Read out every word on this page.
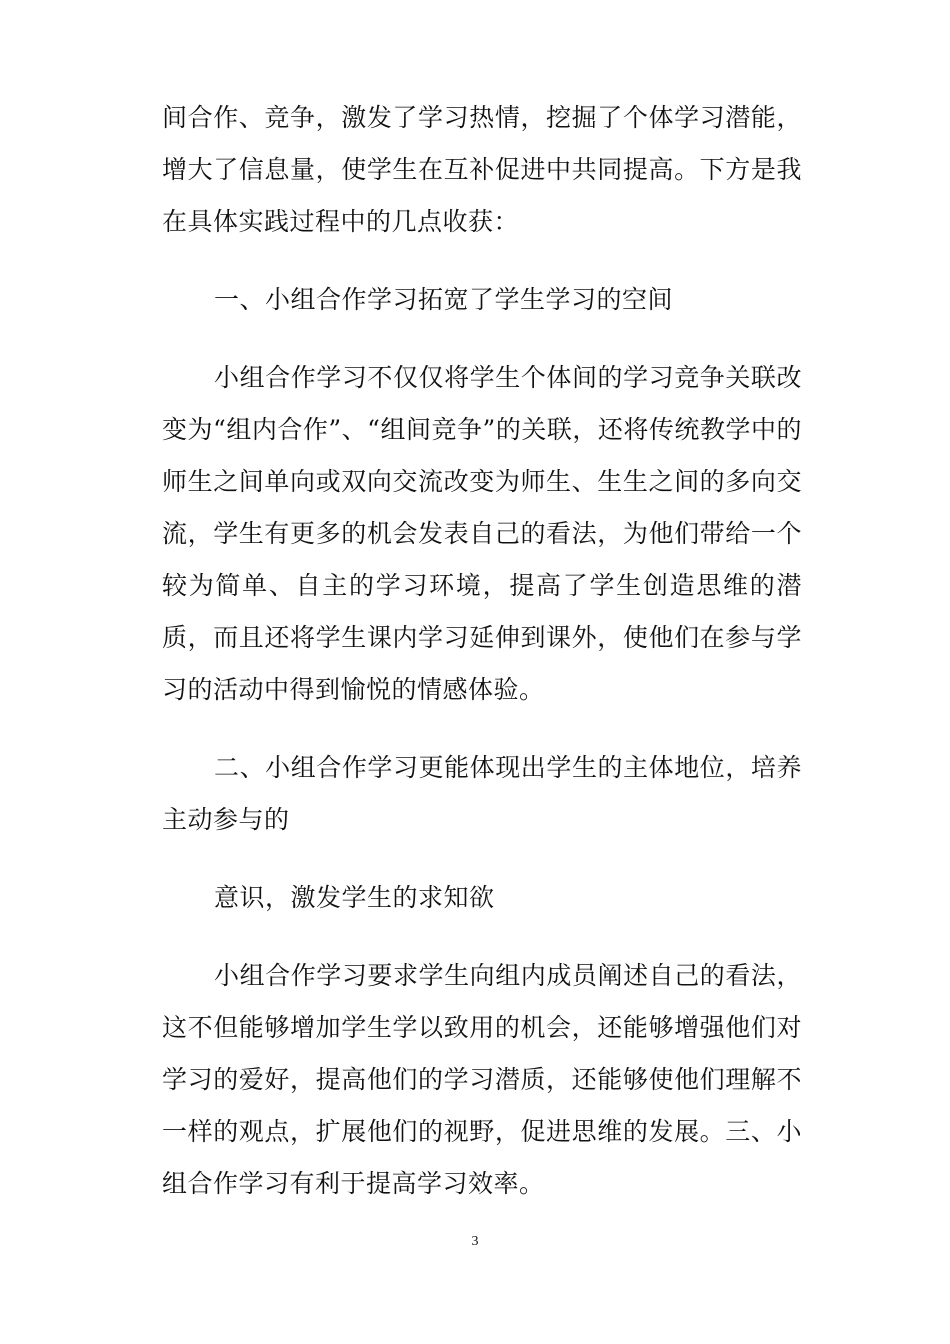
间合作、竞争，激发了学习热情，挖掘了个体学习潜能，增大了信息量，使学生在互补促进中共同提高。下方是我在具体实践过程中的几点收获：

一、小组合作学习拓宽了学生学习的空间

小组合作学习不仅仅将学生个体间的学习竞争关联改变为“组内合作”、“组间竞争”的关联，还将传统教学中的师生之间单向或双向交流改变为师生、生生之间的多向交流，学生有更多的机会发表自己的看法，为他们带给一个较为简单、自主的学习环境，提高了学生创造思维的潜质，而且还将学生课内学习延伸到课外，使他们在参与学习的活动中得到愉悦的情感体验。

二、小组合作学习更能体现出学生的主体地位，培养主动参与的

意识，激发学生的求知欲

小组合作学习要求学生向组内成员阐述自己的看法，这不但能够增加学生学以致用的机会，还能够增强他们对学习的爱好，提高他们的学习潜质，还能够使他们理解不一样的观点，扩展他们的视野，促进思维的发展。三、小组合作学习有利于提高学习效率。

3
